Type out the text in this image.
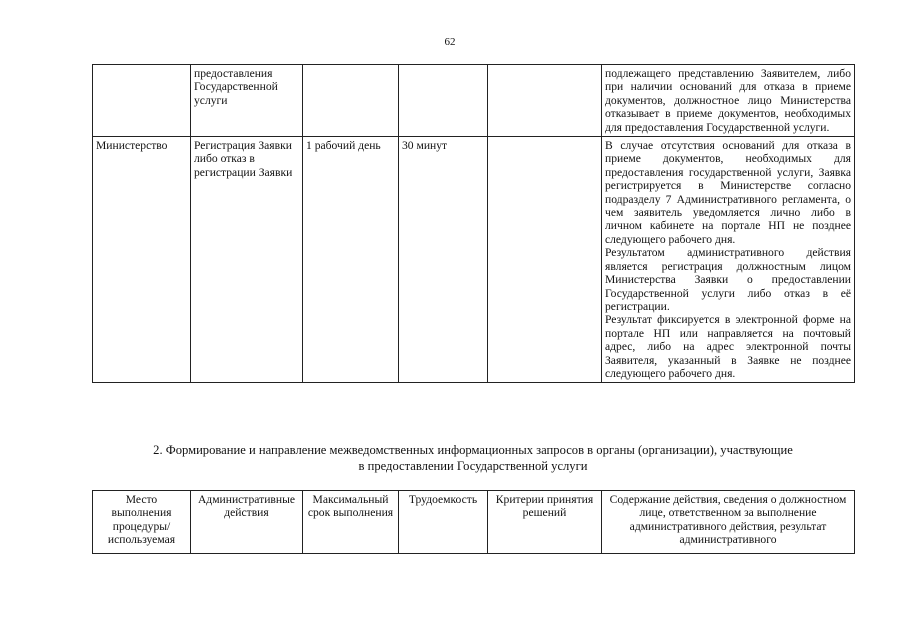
62
	предоставления Государственной услуги				подлежащего представлению Заявителем, либо при наличии оснований для отказа в приеме документов, должностное лицо Министерства отказывает в приеме документов, необходимых для предоставления Государственной услуги.
Министерство	Регистрация Заявки либо отказ в регистрации Заявки	1 рабочий день	30 минут		В случае отсутствия оснований для отказа в приеме документов, необходимых для предоставления государственной услуги, Заявка регистрируется в Министерстве согласно подразделу 7 Административного регламента, о чем заявитель уведомляется лично либо в личном кабинете на портале НП не позднее следующего рабочего дня.

Результатом административного действия является регистрация должностным лицом Министерства Заявки о предоставлении Государственной услуги либо отказ в её регистрации.

Результат фиксируется в электронной форме на портале НП или направляется на почтовый адрес, либо на адрес электронной почты Заявителя, указанный в Заявке не позднее следующего рабочего дня.

2. Формирование и направление межведомственных информационных запросов в органы (организации), участвующие
в предоставлении Государственной услуги
Место выполнения процедуры/ используемая	Административные действия	Максимальный срок выполнения	Трудоемкость	Критерии принятия решений	Содержание действия, сведения о должностном лице, ответственном за выполнение административного действия, результат административного
